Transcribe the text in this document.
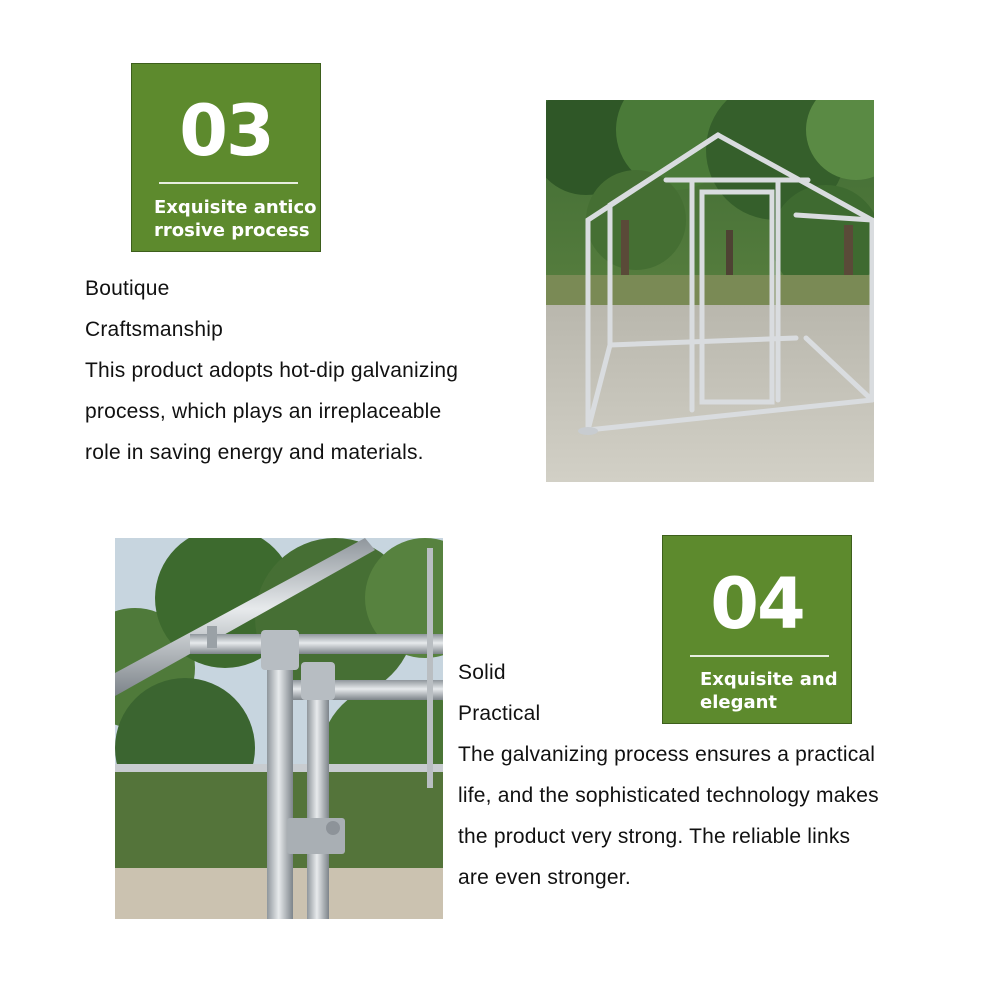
03
Exquisite antico
rrosive process
Boutique
Craftsmanship
This product adopts hot-dip galvanizing
process, which plays an irreplaceable
role in saving energy and materials.
04
Exquisite and
elegant
Solid
Practical
The galvanizing process ensures a practical
life, and the sophisticated technology makes
the product very strong. The reliable links
are even stronger.
